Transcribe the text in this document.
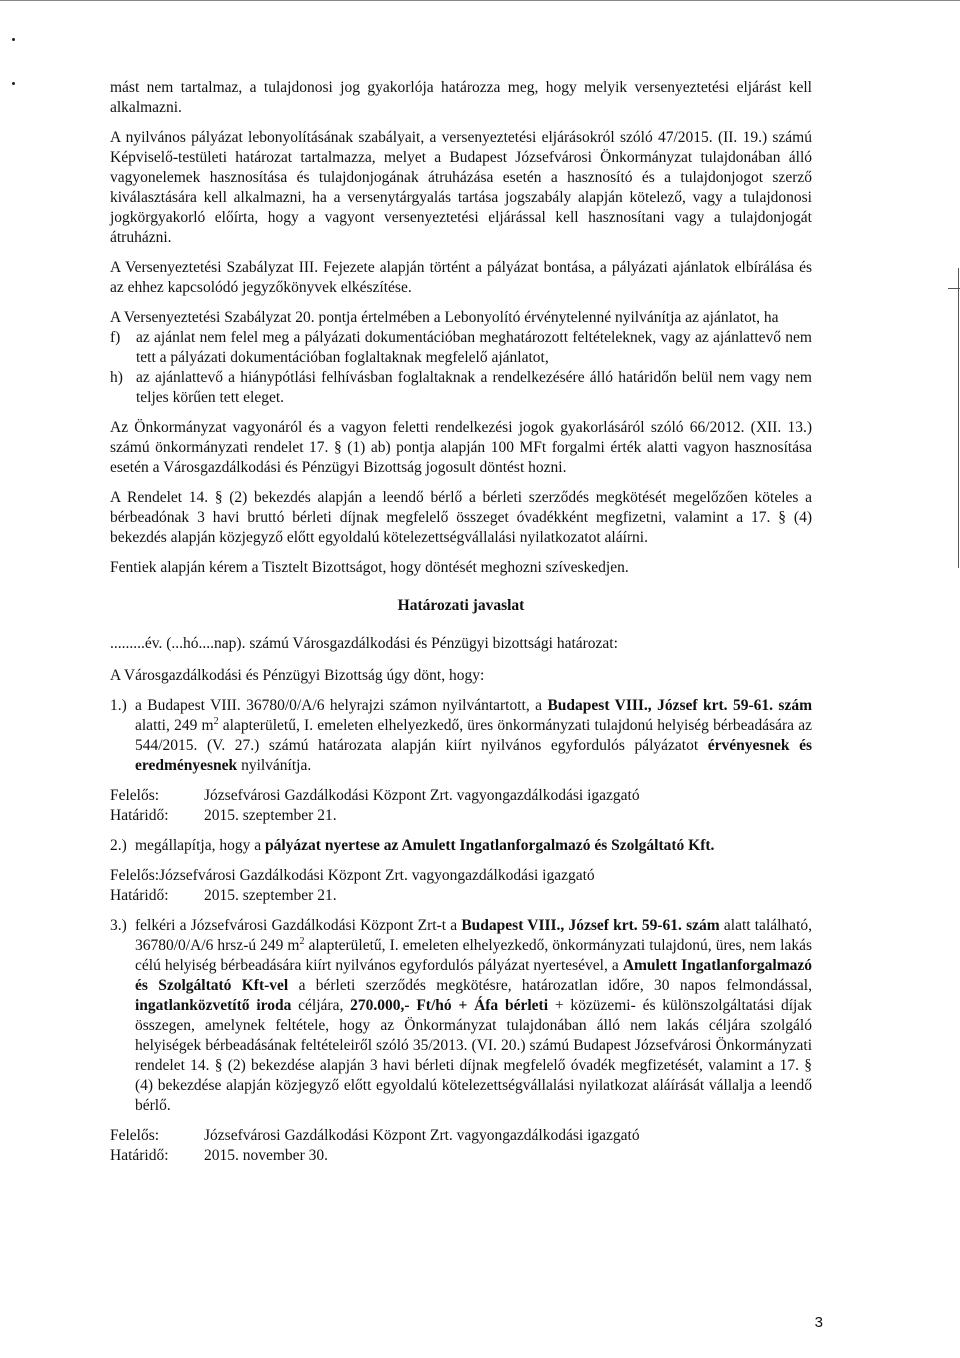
mást nem tartalmaz, a tulajdonosi jog gyakorlója határozza meg, hogy melyik versenyeztetési eljárást kell alkalmazni.

A nyilvános pályázat lebonyolításának szabályait, a versenyeztetési eljárásokról szóló 47/2015. (II. 19.) számú Képviselő-testületi határozat tartalmazza, melyet a Budapest Józsefvárosi Önkormányzat tulajdonában álló vagyonelemek hasznosítása és tulajdonjogának átruházása esetén a hasznosító és a tulajdonjogot szerző kiválasztására kell alkalmazni, ha a versenytárgyalás tartása jogszabály alapján kötelező, vagy a tulajdonosi jogkörgyakorló előírta, hogy a vagyont versenyeztetési eljárással kell hasznosítani vagy a tulajdonjogát átruházni.

A Versenyeztetési Szabályzat III. Fejezete alapján történt a pályázat bontása, a pályázati ajánlatok elbírálása és az ehhez kapcsolódó jegyzőkönyvek elkészítése.

A Versenyeztetési Szabályzat 20. pontja értelmében a Lebonyolító érvénytelenné nyilvánítja az ajánlatot, ha

f)	az ajánlat nem felel meg a pályázati dokumentációban meghatározott feltételeknek, vagy az ajánlattevő nem tett a pályázati dokumentációban foglaltaknak megfelelő ajánlatot,
h) az ajánlattevő a hiánypótlási felhívásban foglaltaknak a rendelkezésére álló határidőn belül nem vagy nem teljes körűen tett eleget.

Az Önkormányzat vagyonáról és a vagyon feletti rendelkezési jogok gyakorlásáról szóló 66/2012. (XII. 13.) számú önkormányzati rendelet 17. § (1) ab) pontja alapján 100 MFt forgalmi érték alatti vagyon hasznosítása esetén a Városgazdálkodási és Pénzügyi Bizottság jogosult döntést hozni.

A Rendelet 14. § (2) bekezdés alapján a leendő bérlő a bérleti szerződés megkötését megelőzően köteles a bérbeadónak 3 havi bruttó bérleti díjnak megfelelő összeget óvadékként megfizetni, valamint a 17. § (4) bekezdés alapján közjegyző előtt egyoldalú kötelezettségvállalási nyilatkozatot aláírni.

Fentiek alapján kérem a Tisztelt Bizottságot, hogy döntését meghozni szíveskedjen.

Határozati javaslat

.........év. (...hó....nap). számú Városgazdálkodási és Pénzügyi bizottsági határozat:

A Városgazdálkodási és Pénzügyi Bizottság úgy dönt, hogy:

1.) a Budapest VIII. 36780/0/A/6 helyrajzi számon nyilvántartott, a Budapest VIII., József krt. 59-61. szám alatti, 249 $m^2$ alapterületű, I. emeleten elhelyezkedő, üres önkormányzati tulajdonú helyiség bérbeadására az 544/2015. (V. 27.) számú határozata alapján kiírt nyilvános egyfordulós pályázatot érvényesnek és eredményesnek nyilvánítja.
Felelős:	Józsefvárosi Gazdálkodási Központ Zrt. vagyongazdálkodási igazgató
Határidő:	2015. szeptember 21.
2.) megállapítja, hogy a pályázat nyertese az Amulett Ingatlanforgalmazó és Szolgáltató Kft.

Felelős:Józsefvárosi Gazdálkodási Központ Zrt. vagyongazdálkodási igazgató

Határidő:	2015. szeptember 21.
3.) felkéri a Józsefvárosi Gazdálkodási Központ Zrt-t a Budapest VIII., József krt. 59-61. szám alatt található, 36780/0/A/6 hrsz-ú 249 $m^2$ alapterületű, I. emeleten elhelyezkedő, önkormányzati tulajdonú, üres, nem lakás célú helyiség bérbeadására kiírt nyilvános egyfordulós pályázat nyertesével, a Amulett Ingatlanforgalmazó és Szolgáltató Kft-vel a bérleti szerződés megkötésre, határozatlan időre, 30 napos felmondással, ingatlanközvetítő iroda céljára, 270.000,- Ft/hó + Áfa bérleti + közüzemi- és különszolgáltatási díjak összegen, amelynek feltétele, hogy az Önkormányzat tulajdonában álló nem lakás céljára szolgáló helyiségek bérbeadásának feltételeiről szóló 35/2013. (VI. 20.) számú Budapest Józsefvárosi Önkormányzati rendelet 14. § (2) bekezdése alapján 3 havi bérleti díjnak megfelelő óvadék megfizetését, valamint a 17. § (4) bekezdése alapján közjegyző előtt egyoldalú kötelezettségvállalási nyilatkozat aláírását vállalja a leendő bérlő.
Felelős:	Józsefvárosi Gazdálkodási Központ Zrt. vagyongazdálkodási igazgató
Határidő:	2015. november 30.
3
